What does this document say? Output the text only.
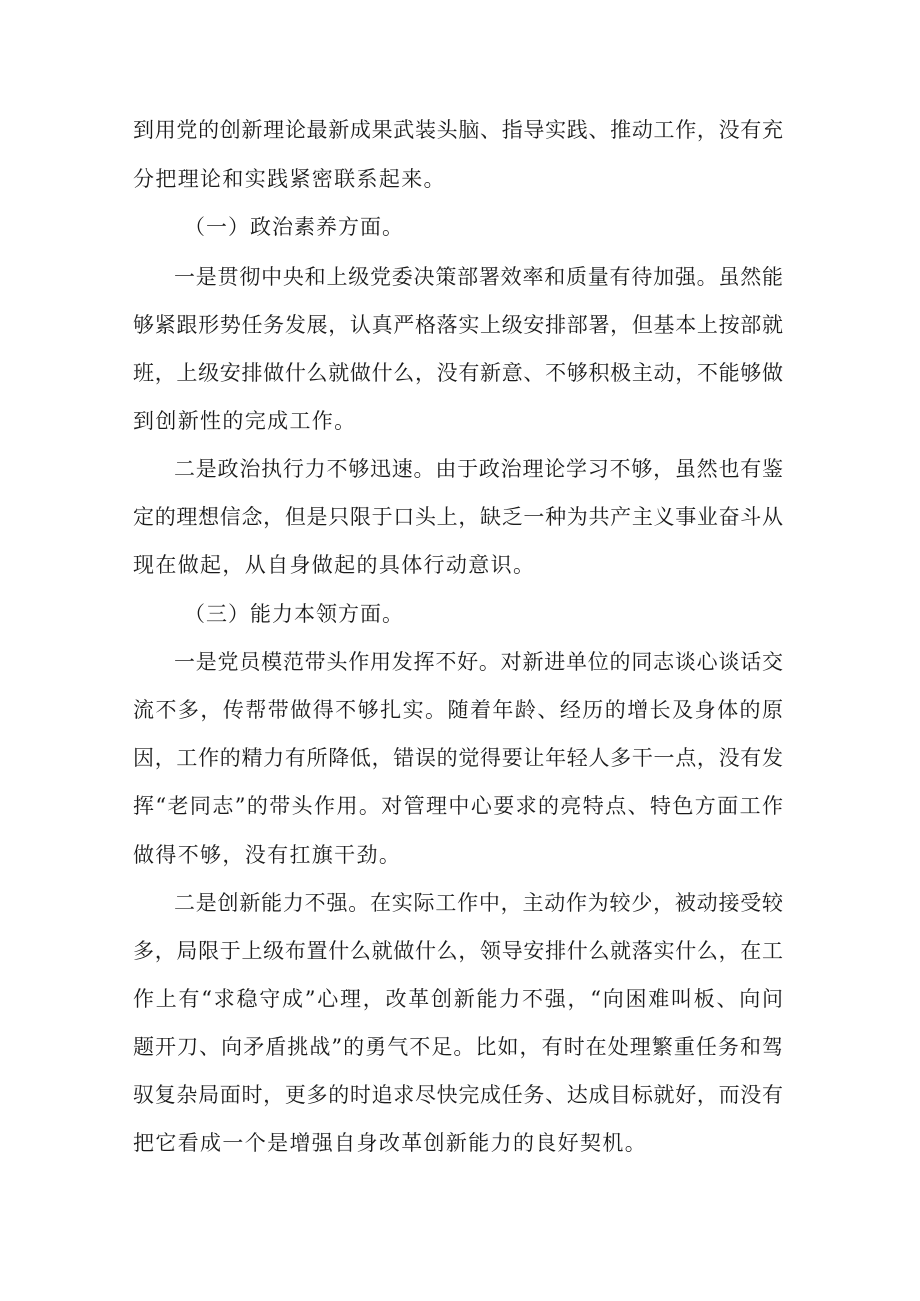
到用党的创新理论最新成果武装头脑、指导实践、推动工作，没有充
分把理论和实践紧密联系起来。
（一）政治素养方面。
一是贯彻中央和上级党委决策部署效率和质量有待加强。虽然能
够紧跟形势任务发展，认真严格落实上级安排部署，但基本上按部就
班，上级安排做什么就做什么，没有新意、不够积极主动，不能够做
到创新性的完成工作。
二是政治执行力不够迅速。由于政治理论学习不够，虽然也有鉴
定的理想信念，但是只限于口头上，缺乏一种为共产主义事业奋斗从
现在做起，从自身做起的具体行动意识。
（三）能力本领方面。
一是党员模范带头作用发挥不好。对新进单位的同志谈心谈话交
流不多，传帮带做得不够扎实。随着年龄、经历的增长及身体的原
因，工作的精力有所降低，错误的觉得要让年轻人多干一点，没有发
挥“老同志”的带头作用。对管理中心要求的亮特点、特色方面工作
做得不够，没有扛旗干劲。
二是创新能力不强。在实际工作中，主动作为较少，被动接受较
多，局限于上级布置什么就做什么，领导安排什么就落实什么，在工
作上有“求稳守成”心理，改革创新能力不强，“向困难叫板、向问
题开刀、向矛盾挑战”的勇气不足。比如，有时在处理繁重任务和驾
驭复杂局面时，更多的时追求尽快完成任务、达成目标就好，而没有
把它看成一个是增强自身改革创新能力的良好契机。
